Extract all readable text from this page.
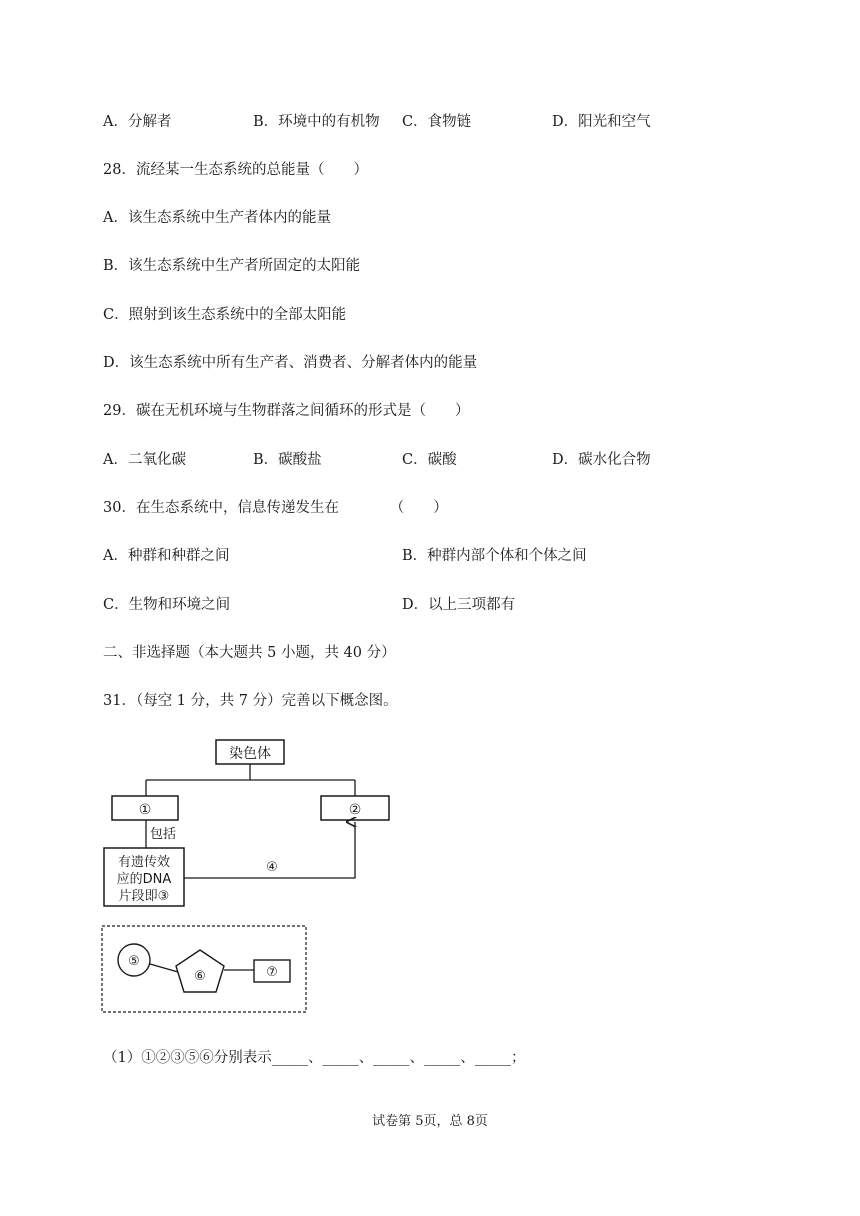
A．分解者	B．环境中的有机物 C．食物链	D．阳光和空气
28．流经某一生态系统的总能量（　　）
A．该生态系统中生产者体内的能量
B．该生态系统中生产者所固定的太阳能
C．照射到该生态系统中的全部太阳能
D．该生态系统中所有生产者、消费者、分解者体内的能量
29．碳在无机环境与生物群落之间循环的形式是（　　）
A．二氧化碳	B．碳酸盐	C．碳酸	D．碳水化合物
30．在生态系统中，信息传递发生在　　　　（　　）
A．种群和种群之间	B．种群内部个体和个体之间
C．生物和环境之间	D．以上三项都有
二、非选择题（本大题共 5 小题，共 40 分）
31．（每空 1 分，共 7 分）完善以下概念图。
染色体
①	②
包括
有遗传效
应的DNA
片段即③
④
⑤
⑥	⑦
（1）①②③⑤⑥分别表示_____、_____、_____、_____、_____；
试卷第 5页，总 8页
